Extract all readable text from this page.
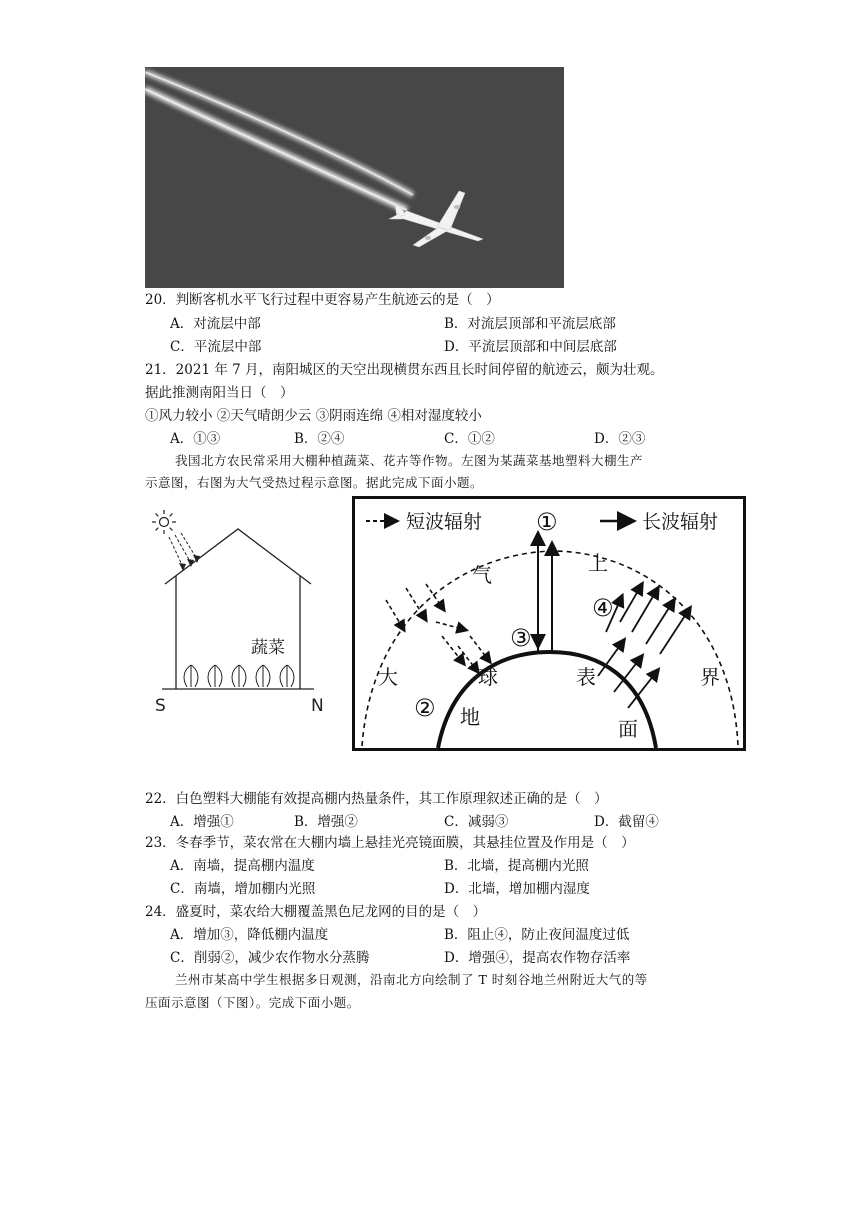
20．判断客机水平飞行过程中更容易产生航迹云的是（　）
A．对流层中部	B．对流层顶部和平流层底部
C．平流层中部	D．平流层顶部和中间层底部
21．2021 年 7 月，南阳城区的天空出现横贯东西且长时间停留的航迹云，颇为壮观。
据此推测南阳当日（　）
①风力较小 ②天气晴朗少云 ③阴雨连绵 ④相对湿度较小
A．①③	B．②④	C．①②	D．②③
我国北方农民常采用大棚种植蔬菜、花卉等作物。左图为某蔬菜基地塑料大棚生产
示意图，右图为大气受热过程示意图。据此完成下面小题。
蔬菜
S	N
短波辐射	长波辐射
①
③
②
④
气	上
大	界
地
球	表
面
22．白色塑料大棚能有效提高棚内热量条件，其工作原理叙述正确的是（　）
A．增强①	B．增强②	C．减弱③	D．截留④
23．冬春季节，菜农常在大棚内墙上悬挂光亮镜面膜，其悬挂位置及作用是（　）
A．南墙，提高棚内温度	B．北墙，提高棚内光照
C．南墙，增加棚内光照	D．北墙，增加棚内湿度
24．盛夏时，菜农给大棚覆盖黑色尼龙网的目的是（　）
A．增加③，降低棚内温度	B．阻止④，防止夜间温度过低
C．削弱②，减少农作物水分蒸腾	D．增强④，提高农作物存活率
兰州市某高中学生根据多日观测，沿南北方向绘制了 T 时刻谷地兰州附近大气的等
压面示意图（下图）。完成下面小题。
